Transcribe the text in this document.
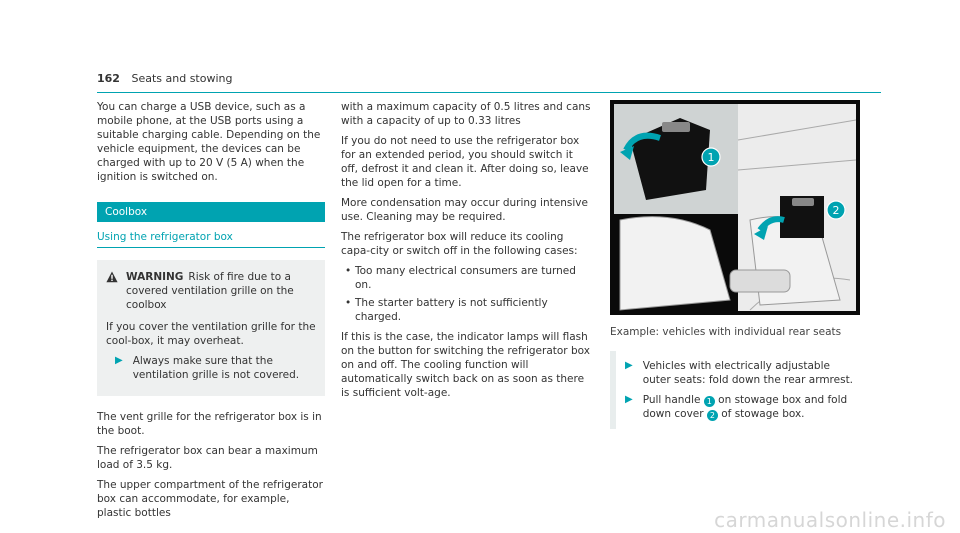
162 Seats and stowing

You can charge a USB device, such as a mobile phone, at the USB ports using a suitable charging cable. Depending on the vehicle equipment, the devices can be charged with up to 20 V (5 A) when the ignition is switched on.

Coolbox
Using the refrigerator box
WARNING Risk of fire due to a covered ventilation grille on the coolbox

If you cover the ventilation grille for the cool-box, it may overheat.

▶ Always make sure that the ventilation grille is not covered.

The vent grille for the refrigerator box is in the boot.

The refrigerator box can bear a maximum load of 3.5 kg.

The upper compartment of the refrigerator box can accommodate, for example, plastic bottles

with a maximum capacity of 0.5 litres and cans with a capacity of up to 0.33 litres

If you do not need to use the refrigerator box for an extended period, you should switch it off, defrost it and clean it. After doing so, leave the lid open for a time.

More condensation may occur during intensive use. Cleaning may be required.

The refrigerator box will reduce its cooling capa-city or switch off in the following cases:

• Too many electrical consumers are turned on.
• The starter battery is not sufficiently charged.

If this is the case, the indicator lamps will flash on the button for switching the refrigerator box on and off. The cooling function will automatically switch back on as soon as there is sufficient volt-age.

1
2
Example: vehicles with individual rear seats
▶ Vehicles with electrically adjustable outer seats: fold down the rear armrest.
▶ Pull handle 1 on stowage box and fold down cover 2 of stowage box.
carmanualsonline.info
